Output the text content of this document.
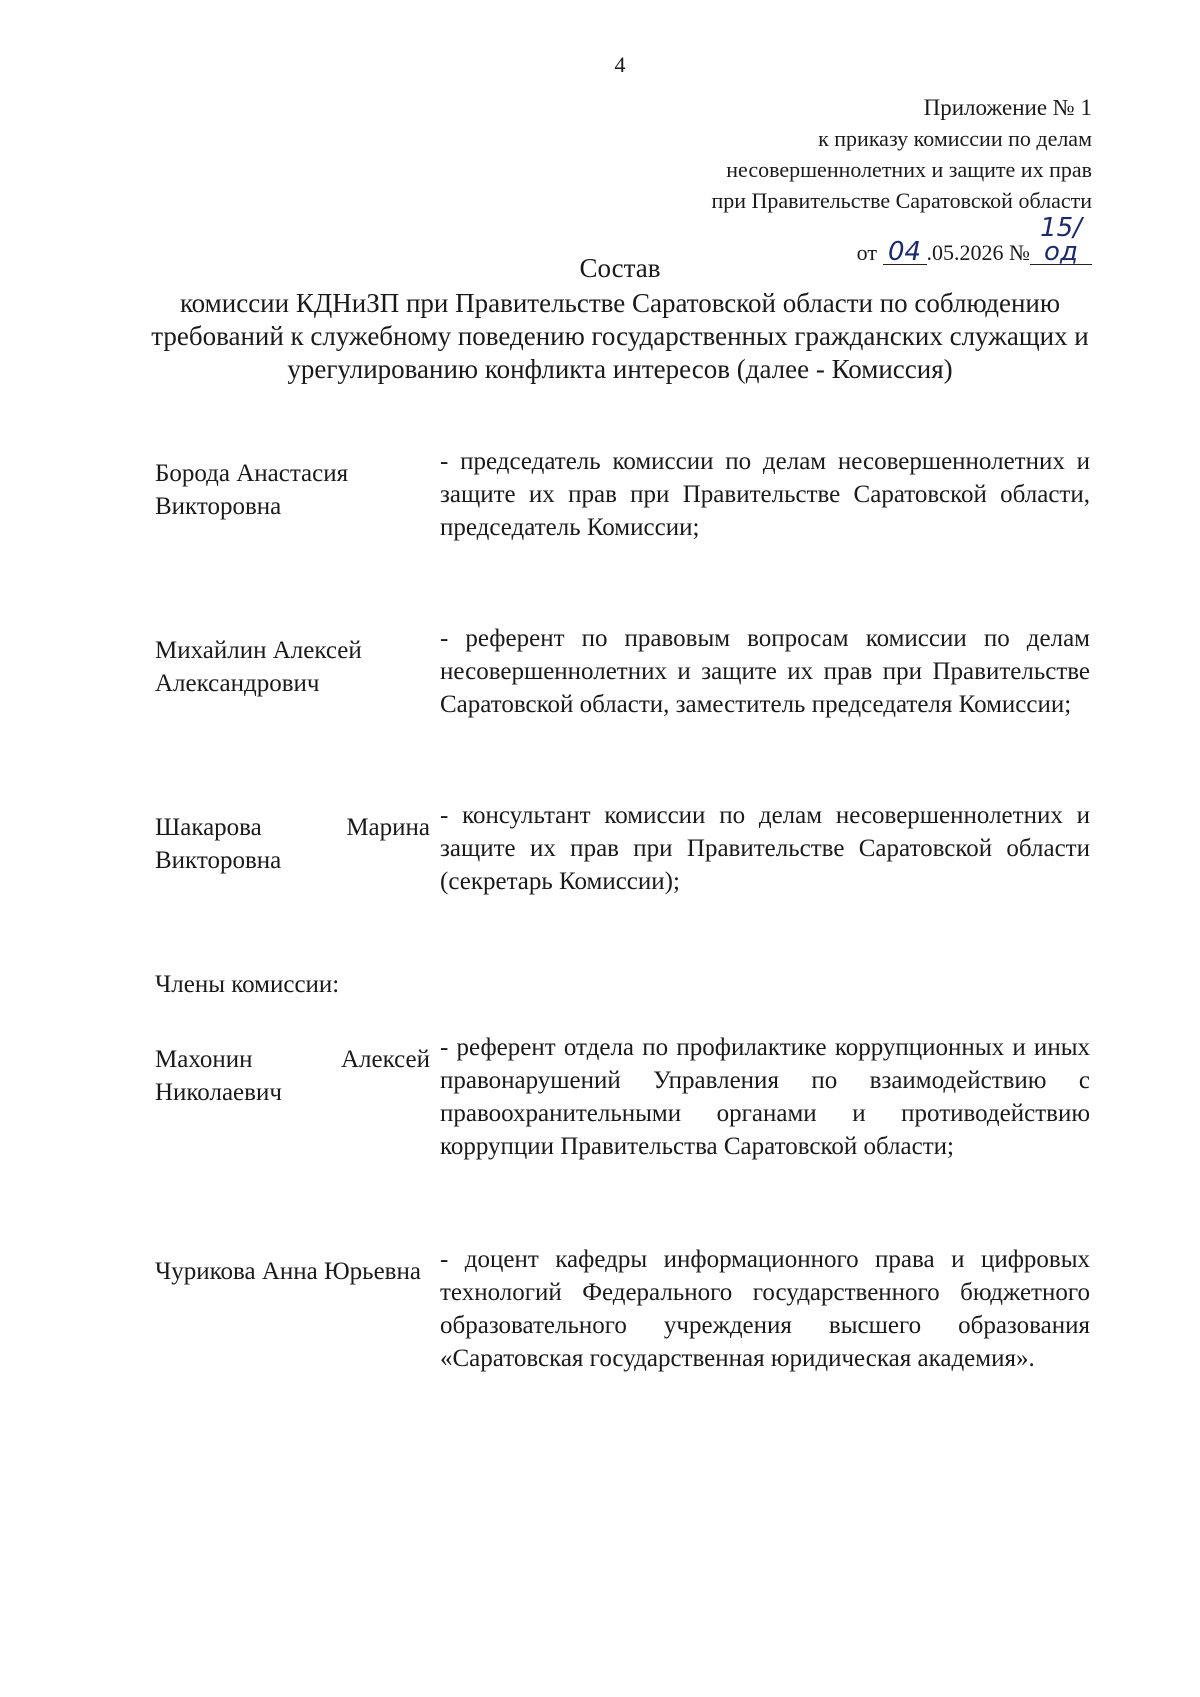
4
Приложение № 1
к приказу комиссии по делам
несовершеннолетних и защите их прав
при Правительстве Саратовской области
от 04 .05.2026 №15/од
Состав
комиссии КДНиЗП при Правительстве Саратовской области по соблюдению требований к служебному поведению государственных гражданских служащих и урегулированию конфликта интересов (далее - Комиссия)
Борода Анастасия Викторовна
- председатель комиссии по делам несовершеннолетних и защите их прав при Правительстве Саратовской области, председатель Комиссии;
Михайлин Алексей Александрович
- референт по правовым вопросам комиссии по делам несовершеннолетних и защите их прав при Правительстве Саратовской области, заместитель председателя Комиссии;
Шакарова Марина Викторовна
- консультант комиссии по делам несовершеннолетних и защите их прав при Правительстве Саратовской области (секретарь Комиссии);
Члены комиссии:
Махонин Алексей Николаевич
- референт отдела по профилактике коррупционных и иных правонарушений Управления по взаимодействию с правоохранительными органами и противодействию коррупции Правительства Саратовской области;
Чурикова Анна Юрьевна - доцент кафедры информационного права и цифровых технологий Федерального государственного бюджетного образовательного учреждения высшего образования «Саратовская государственная юридическая академия».
